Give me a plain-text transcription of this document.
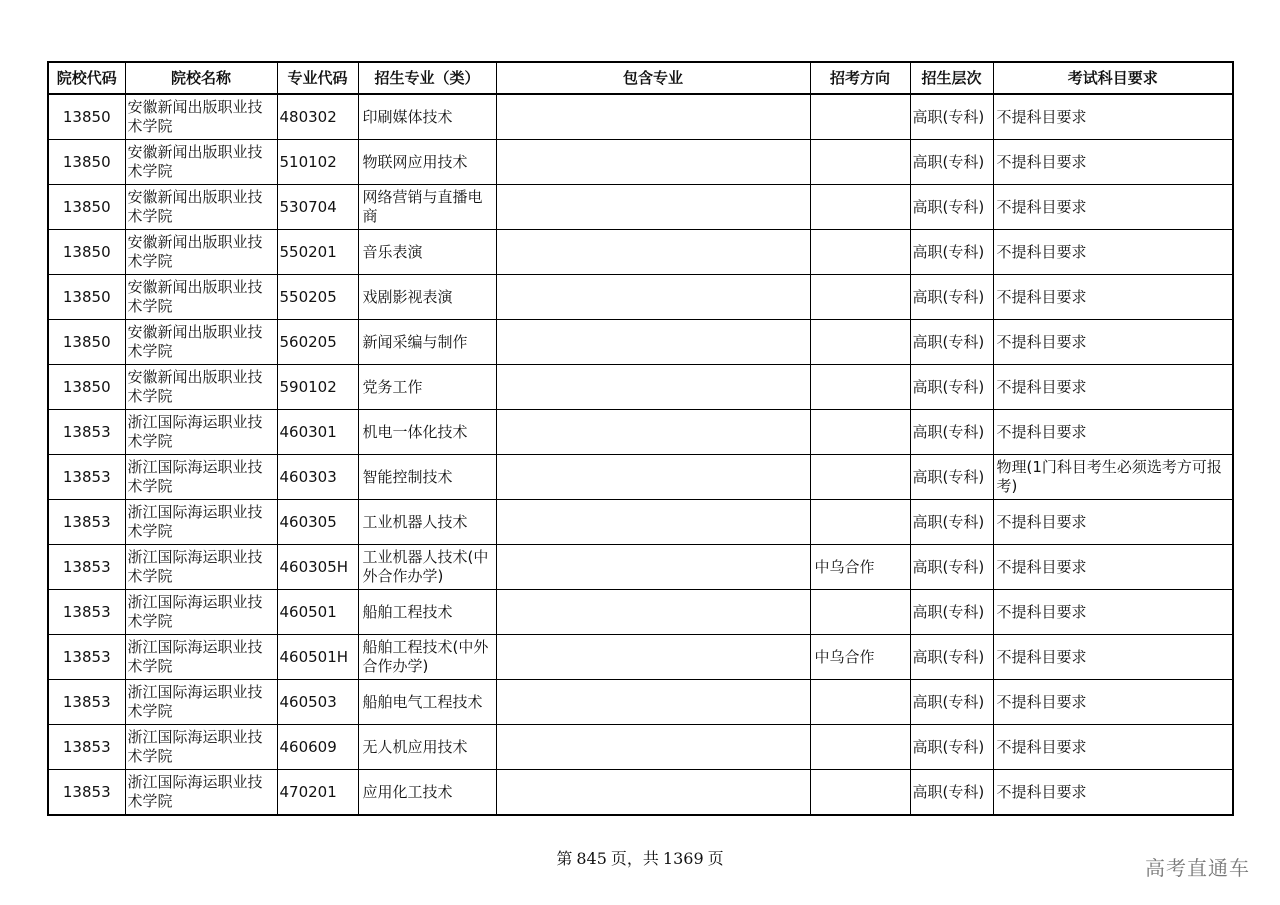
院校代码	院校名称	专业代码	招生专业（类）	包含专业	招考方向	招生层次	考试科目要求
13850	安徽新闻出版职业技术学院	480302	印刷媒体技术			高职(专科)	不提科目要求
13850	安徽新闻出版职业技术学院	510102	物联网应用技术			高职(专科)	不提科目要求
13850	安徽新闻出版职业技术学院	530704	网络营销与直播电商			高职(专科)	不提科目要求
13850	安徽新闻出版职业技术学院	550201	音乐表演			高职(专科)	不提科目要求
13850	安徽新闻出版职业技术学院	550205	戏剧影视表演			高职(专科)	不提科目要求
13850	安徽新闻出版职业技术学院	560205	新闻采编与制作			高职(专科)	不提科目要求
13850	安徽新闻出版职业技术学院	590102	党务工作			高职(专科)	不提科目要求
13853	浙江国际海运职业技术学院	460301	机电一体化技术			高职(专科)	不提科目要求
13853	浙江国际海运职业技术学院	460303	智能控制技术			高职(专科)	物理(1门科目考生必须选考方可报考)
13853	浙江国际海运职业技术学院	460305	工业机器人技术			高职(专科)	不提科目要求
13853	浙江国际海运职业技术学院	460305H	工业机器人技术(中外合作办学)		中乌合作	高职(专科)	不提科目要求
13853	浙江国际海运职业技术学院	460501	船舶工程技术			高职(专科)	不提科目要求
13853	浙江国际海运职业技术学院	460501H	船舶工程技术(中外合作办学)		中乌合作	高职(专科)	不提科目要求
13853	浙江国际海运职业技术学院	460503	船舶电气工程技术			高职(专科)	不提科目要求
13853	浙江国际海运职业技术学院	460609	无人机应用技术			高职(专科)	不提科目要求
13853	浙江国际海运职业技术学院	470201	应用化工技术			高职(专科)	不提科目要求
第 845 页，共 1369 页	高考直通车
